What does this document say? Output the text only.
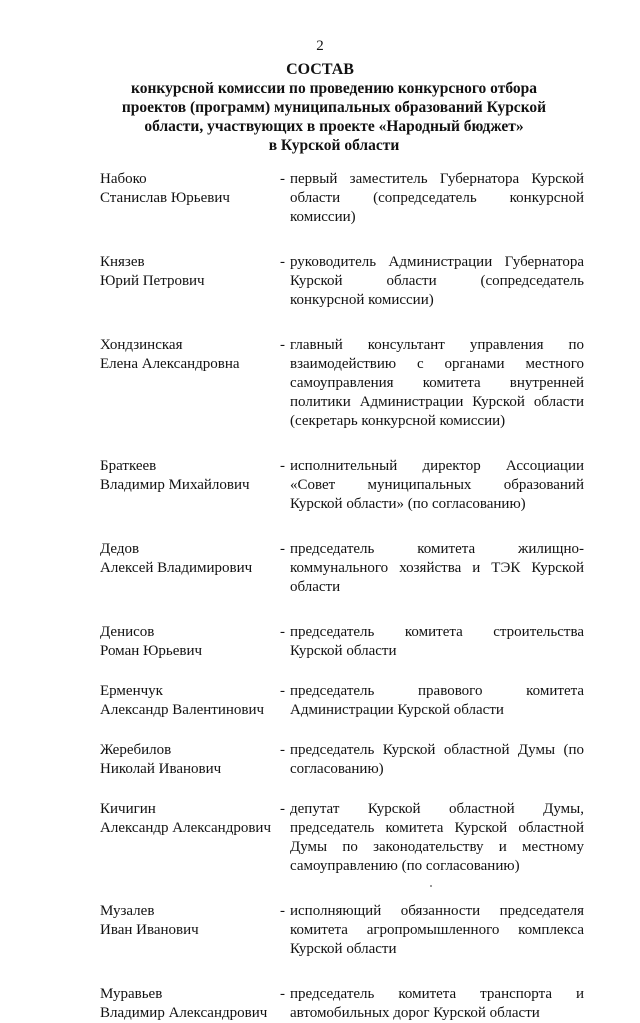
2
СОСТАВ
конкурсной комиссии по проведению конкурсного отбора
проектов (программ) муниципальных образований Курской
области, участвующих в проекте «Народный бюджет»
в Курской области
Набоко
Станислав Юрьевич
- первый заместитель Губернатора Курской
области (сопредседатель конкурсной
комиссии)
Князев
Юрий Петрович
- руководитель Администрации Губернатора
Курской области (сопредседатель
конкурсной комиссии)
Хондзинская
Елена Александровна
- главный консультант управления по
взаимодействию с органами местного
самоуправления комитета внутренней
политики Администрации Курской области
(секретарь конкурсной комиссии)
Браткеев
Владимир Михайлович
- исполнительный директор Ассоциации
«Совет муниципальных образований
Курской области» (по согласованию)
Дедов
Алексей Владимирович
- председатель комитета жилищно-
коммунального хозяйства и ТЭК Курской
области
Денисов
Роман Юрьевич
- председатель комитета строительства
Курской области
Ерменчук
Александр Валентинович
- председатель правового комитета
Администрации Курской области
Жеребилов
Николай Иванович
- председатель Курской областной Думы (по
согласованию)
Кичигин
Александр Александрович
- депутат Курской областной Думы,
председатель комитета Курской областной
Думы по законодательству и местному
самоуправлению (по согласованию)
Музалев
Иван Иванович
- исполняющий обязанности председателя
комитета агропромышленного комплекса
Курской области
Муравьев
Владимир Александрович
- председатель комитета транспорта и
автомобильных дорог Курской области
